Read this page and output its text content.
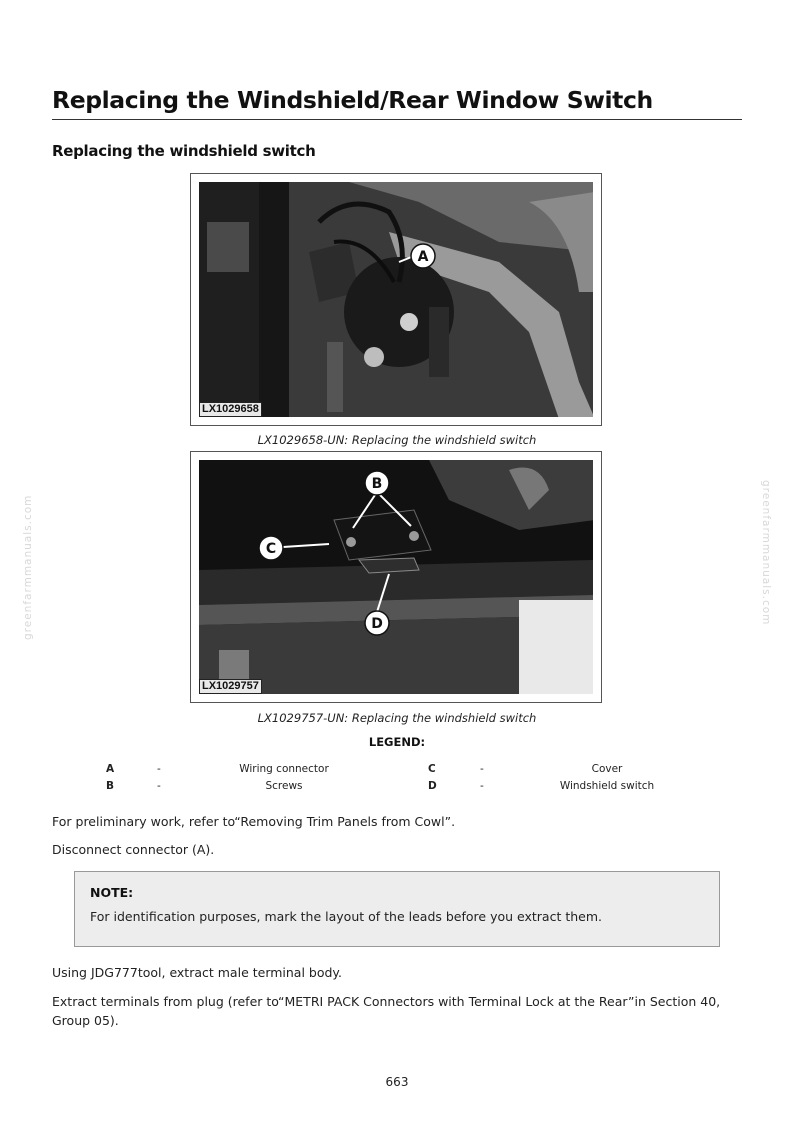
Replacing the Windshield/Rear Window Switch
Replacing the windshield switch
A
LX1029658
LX1029658-UN: Replacing the windshield switch
B
C
D
LX1029757
LX1029757-UN: Replacing the windshield switch
LEGEND:
A	-	Wiring connector	C	-	Cover
B	-	Screws	D	-	Windshield switch

For preliminary work, refer to“Removing Trim Panels from Cowl”.

Disconnect connector (A).

NOTE:
For identification purposes, mark the layout of the leads before you extract them.

Using JDG777tool, extract male terminal body.

Extract terminals from plug (refer to“METRI PACK Connectors with Terminal Lock at the Rear”in Section 40, Group 05).

greenfarmmanuals.com	greenfarmmanuals.com
663
